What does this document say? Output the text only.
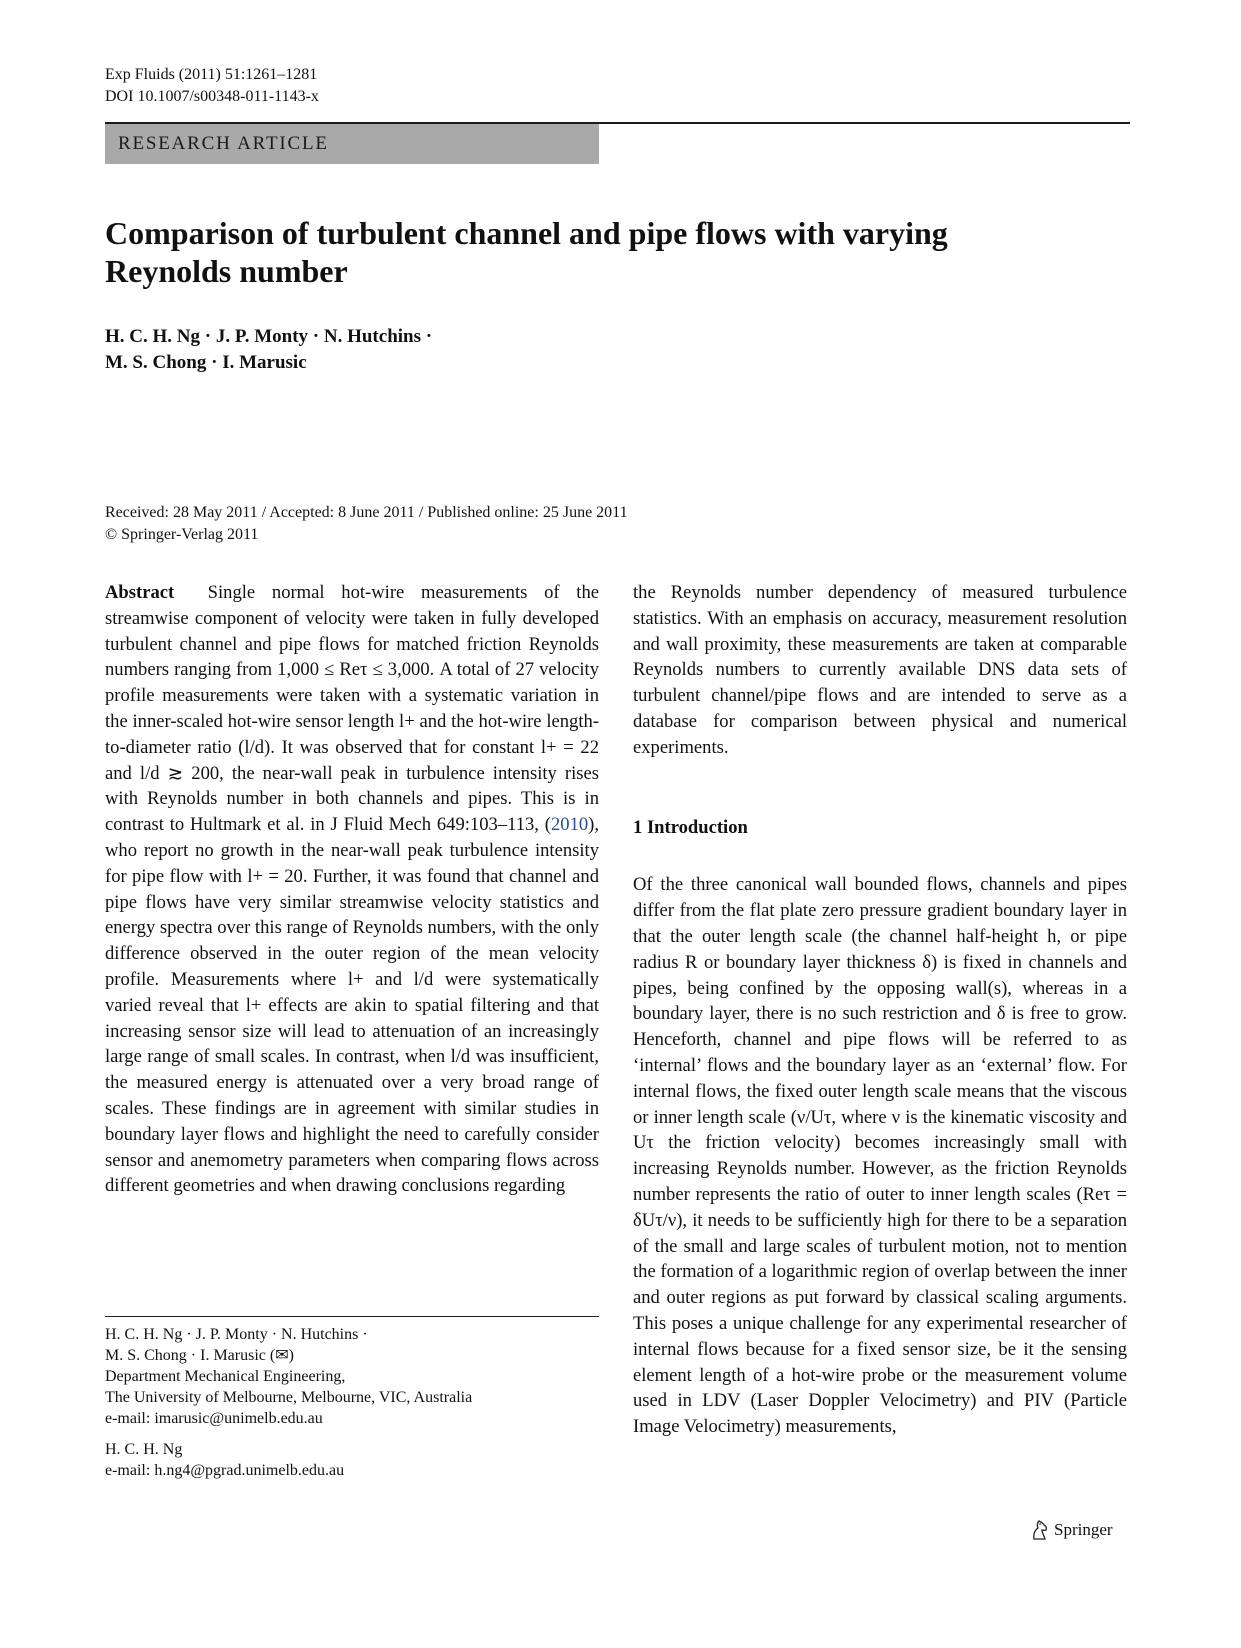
Exp Fluids (2011) 51:1261–1281
DOI 10.1007/s00348-011-1143-x
RESEARCH ARTICLE
Comparison of turbulent channel and pipe flows with varying Reynolds number
H. C. H. Ng · J. P. Monty · N. Hutchins ·
M. S. Chong · I. Marusic
Received: 28 May 2011 / Accepted: 8 June 2011 / Published online: 25 June 2011
© Springer-Verlag 2011

Abstract Single normal hot-wire measurements of the streamwise component of velocity were taken in fully developed turbulent channel and pipe flows for matched friction Reynolds numbers ranging from 1,000 ≤ Reτ ≤ 3,000. A total of 27 velocity profile measurements were taken with a systematic variation in the inner-scaled hot-wire sensor length l+ and the hot-wire length-to-diameter ratio (l/d). It was observed that for constant l+ = 22 and l/d ≳ 200, the near-wall peak in turbulence intensity rises with Reynolds number in both channels and pipes. This is in contrast to Hultmark et al. in J Fluid Mech 649:103–113, (2010), who report no growth in the near-wall peak turbulence intensity for pipe flow with l+ = 20. Further, it was found that channel and pipe flows have very similar streamwise velocity statistics and energy spectra over this range of Reynolds numbers, with the only difference observed in the outer region of the mean velocity profile. Measurements where l+ and l/d were systematically varied reveal that l+ effects are akin to spatial filtering and that increasing sensor size will lead to attenuation of an increasingly large range of small scales. In contrast, when l/d was insufficient, the measured energy is attenuated over a very broad range of scales. These findings are in agreement with similar studies in boundary layer flows and highlight the need to carefully consider sensor and anemometry parameters when comparing flows across different geometries and when drawing conclusions regarding

the Reynolds number dependency of measured turbulence statistics. With an emphasis on accuracy, measurement resolution and wall proximity, these measurements are taken at comparable Reynolds numbers to currently available DNS data sets of turbulent channel/pipe flows and are intended to serve as a database for comparison between physical and numerical experiments.

1 Introduction

Of the three canonical wall bounded flows, channels and pipes differ from the flat plate zero pressure gradient boundary layer in that the outer length scale (the channel half-height h, or pipe radius R or boundary layer thickness δ) is fixed in channels and pipes, being confined by the opposing wall(s), whereas in a boundary layer, there is no such restriction and δ is free to grow. Henceforth, channel and pipe flows will be referred to as ‘internal’ flows and the boundary layer as an ‘external’ flow. For internal flows, the fixed outer length scale means that the viscous or inner length scale (ν/Uτ, where ν is the kinematic viscosity and Uτ the friction velocity) becomes increasingly small with increasing Reynolds number. However, as the friction Reynolds number represents the ratio of outer to inner length scales (Reτ = δUτ/ν), it needs to be sufficiently high for there to be a separation of the small and large scales of turbulent motion, not to mention the formation of a logarithmic region of overlap between the inner and outer regions as put forward by classical scaling arguments. This poses a unique challenge for any experimental researcher of internal flows because for a fixed sensor size, be it the sensing element length of a hot-wire probe or the measurement volume used in LDV (Laser Doppler Velocimetry) and PIV (Particle Image Velocimetry) measurements,

H. C. H. Ng · J. P. Monty · N. Hutchins ·
M. S. Chong · I. Marusic (✉)
Department Mechanical Engineering,
The University of Melbourne, Melbourne, VIC, Australia
e-mail: imarusic@unimelb.edu.au
H. C. H. Ng
e-mail: h.ng4@pgrad.unimelb.edu.au
Springer
